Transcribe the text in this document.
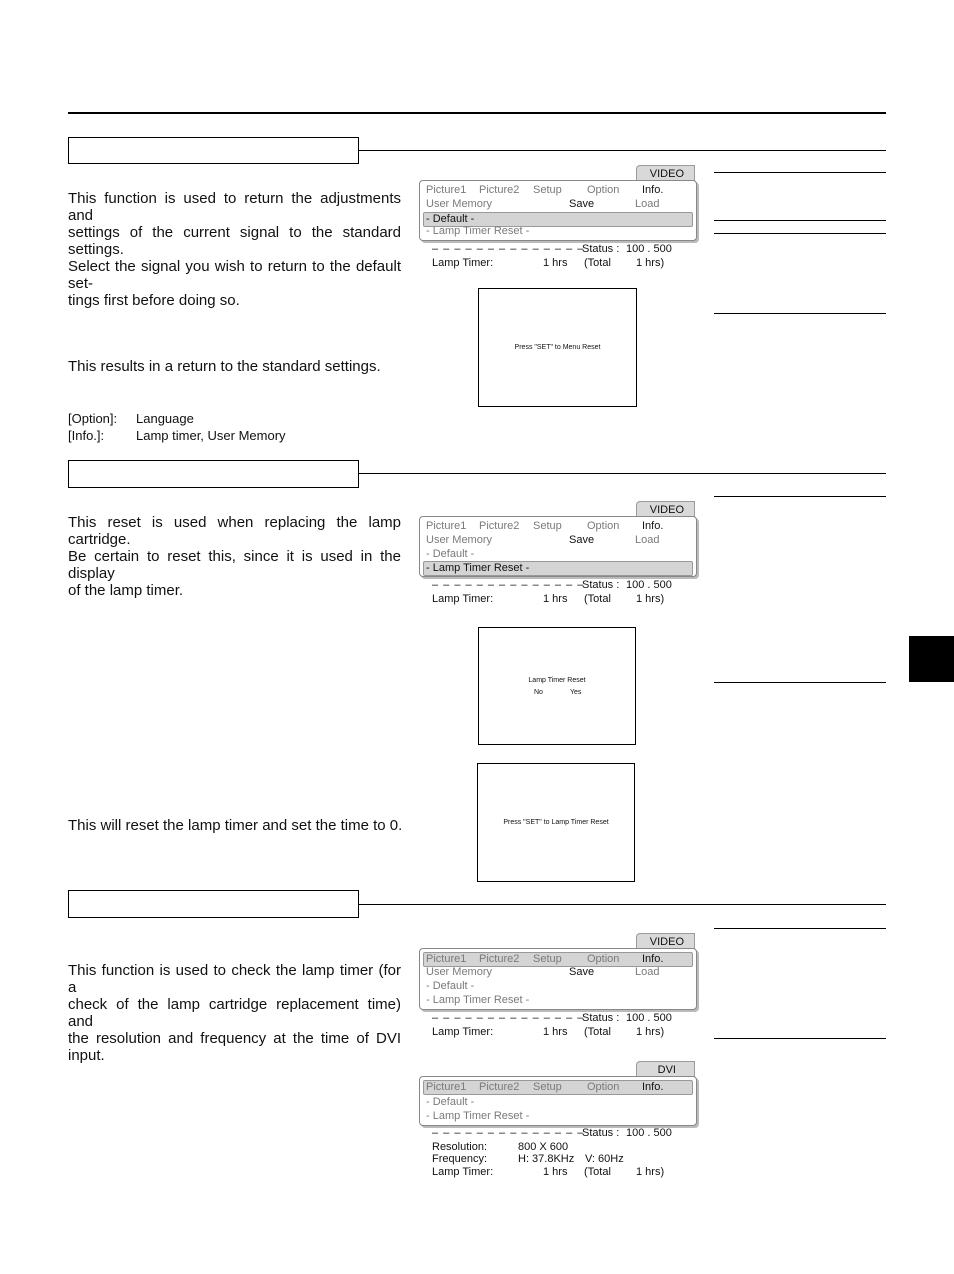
This function is used to return the adjustments and
settings of the current signal to the standard settings.
Select the signal you wish to return to the default set-
tings first before doing so.

This results in a return to the standard settings.

[Option]: Language
[Info.]: Lamp timer, User Memory
VIDEO
Picture1 Picture2 Setup Option Info.
User Memory	Save	Load
- Default -
- Lamp Timer Reset -
– – – – – – – – – – – – – –
Status : 100 . 500
Lamp Timer:	1 hrs (Total 1 hrs)
Press "SET" to Menu Reset

This reset is used when replacing the lamp cartridge.
Be certain to reset this, since it is used in the display
of the lamp timer.

This will reset the lamp timer and set the time to 0.

VIDEO
Picture1 Picture2 Setup Option Info.
User Memory	Save	Load
- Default -
- Lamp Timer Reset -
– – – – – – – – – – – – – –
Status : 100 . 500
Lamp Timer:	1 hrs (Total 1 hrs)
Lamp Timer Reset
No	Yes
Press "SET" to Lamp Timer Reset

This function is used to check the lamp timer (for a
check of the lamp cartridge replacement time) and
the resolution and frequency at the time of DVI input.

VIDEO
Picture1 Picture2 Setup Option Info.
User Memory	Save	Load
- Default -
- Lamp Timer Reset -
– – – – – – – – – – – – – –
Status : 100 . 500
Lamp Timer:	1 hrs (Total 1 hrs)
DVI
Picture1 Picture2 Setup Option Info.
- Default -
- Lamp Timer Reset -
– – – – – – – – – – – – – –
Status : 100 . 500
Resolution:	800 X 600
Frequency:	H: 37.8KHz V: 60Hz
Lamp Timer:	1 hrs (Total 1 hrs)
